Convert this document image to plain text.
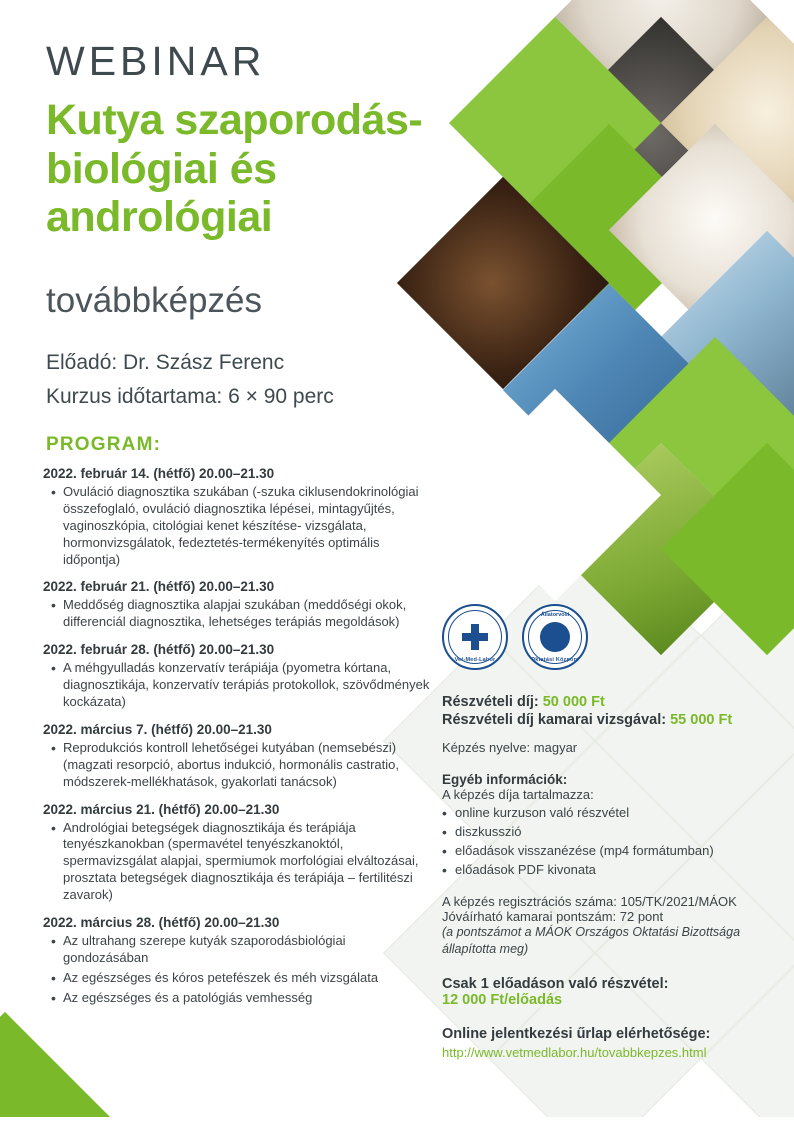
WEBINAR
Kutya szaporodás-biológiai és andrológiai
továbbképzés
Előadó: Dr. Szász Ferenc
Kurzus időtartama: 6 × 90 perc
PROGRAM:
2022. február 14. (hétfő) 20.00–21.30
• Ovuláció diagnosztika szukában (-szuka ciklusendokrinológiai összefoglaló, ovuláció diagnosztika lépései, mintagyűjtés, vaginoszkópia, citológiai kenet készítése- vizsgálata, hormonvizsgálatok, fedeztetés-termékenyítés optimális időpontja)
2022. február 21. (hétfő) 20.00–21.30
• Meddőség diagnosztika alapjai szukában (meddőségi okok, differenciál diagnosztika, lehetséges terápiás megoldások)
2022. február 28. (hétfő) 20.00–21.30
• A méhgyulladás konzervatív terápiája (pyometra kórtana, diagnosztikája, konzervatív terápiás protokollok, szövődmények kockázata)
2022. március 7. (hétfő) 20.00–21.30
• Reprodukciós kontroll lehetőségei kutyában (nemsebészi) (magzati resorpció, abortus indukció, hormonális castratio, módszerek-mellékhatások, gyakorlati tanácsok)
2022. március 21. (hétfő) 20.00–21.30
• Andrológiai betegségek diagnosztikája és terápiája tenyészkanokban (spermavétel tenyészkanoktól, spermavizsgálat alapjai, spermiumok morfológiai elváltozásai, prosztata betegségek diagnosztikája és terápiája – fertilitészi zavarok)
2022. március 28. (hétfő) 20.00–21.30
• Az ultrahang szerepe kutyák szaporodásbiológiai gondozásában
• Az egészséges és kóros petefészek és méh vizsgálata
• Az egészséges és a patológiás vemhesség
Vet-Med-Labor
Állatorvosi
Oktatási Központ
Részvételi díj: 50 000 Ft
Részvételi díj kamarai vizsgával: 55 000 Ft
Képzés nyelve: magyar
Egyéb információk:
A képzés díja tartalmazza:
• online kurzuson való részvétel
• diszkusszió
• előadások visszanézése (mp4 formátumban)
• előadások PDF kivonata
A képzés regisztrációs száma: 105/TK/2021/MÁOK
Jóváírható kamarai pontszám: 72 pont
(a pontszámot a MÁOK Országos Oktatási Bizottsága állapította meg)
Csak 1 előadáson való részvétel:
12 000 Ft/előadás
Online jelentkezési űrlap elérhetősége:
http://www.vetmedlabor.hu/tovabbkepzes.html
